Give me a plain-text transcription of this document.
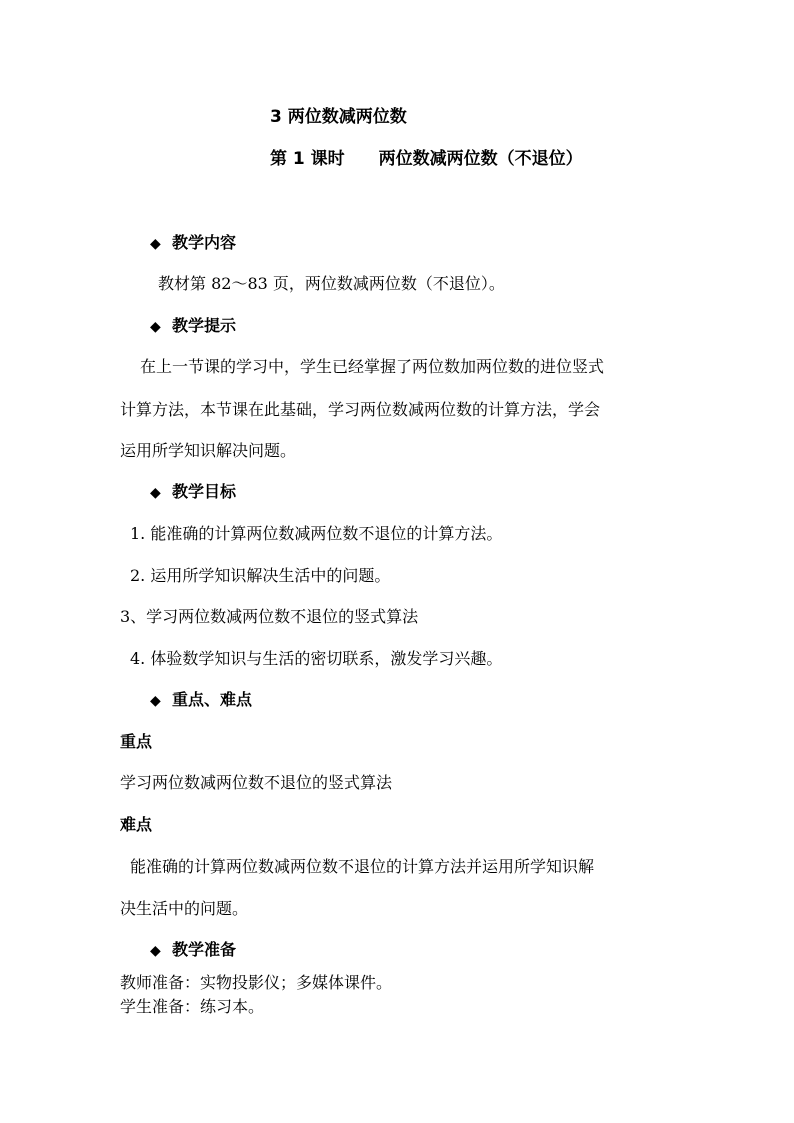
3 两位数减两位数
第 1 课时 两位数减两位数（不退位）
◆ 教学内容
教材第 82～83 页，两位数减两位数（不退位）。
◆ 教学提示
在上一节课的学习中，学生已经掌握了两位数加两位数的进位竖式
计算方法，本节课在此基础，学习两位数减两位数的计算方法，学会
运用所学知识解决问题。
◆ 教学目标
1. 能准确的计算两位数减两位数不退位的计算方法。
2. 运用所学知识解决生活中的问题。
3、学习两位数减两位数不退位的竖式算法
4. 体验数学知识与生活的密切联系，激发学习兴趣。
◆ 重点、难点
重点
学习两位数减两位数不退位的竖式算法
难点
能准确的计算两位数减两位数不退位的计算方法并运用所学知识解
决生活中的问题。
◆ 教学准备
教师准备：实物投影仪；多媒体课件。
学生准备：练习本。
